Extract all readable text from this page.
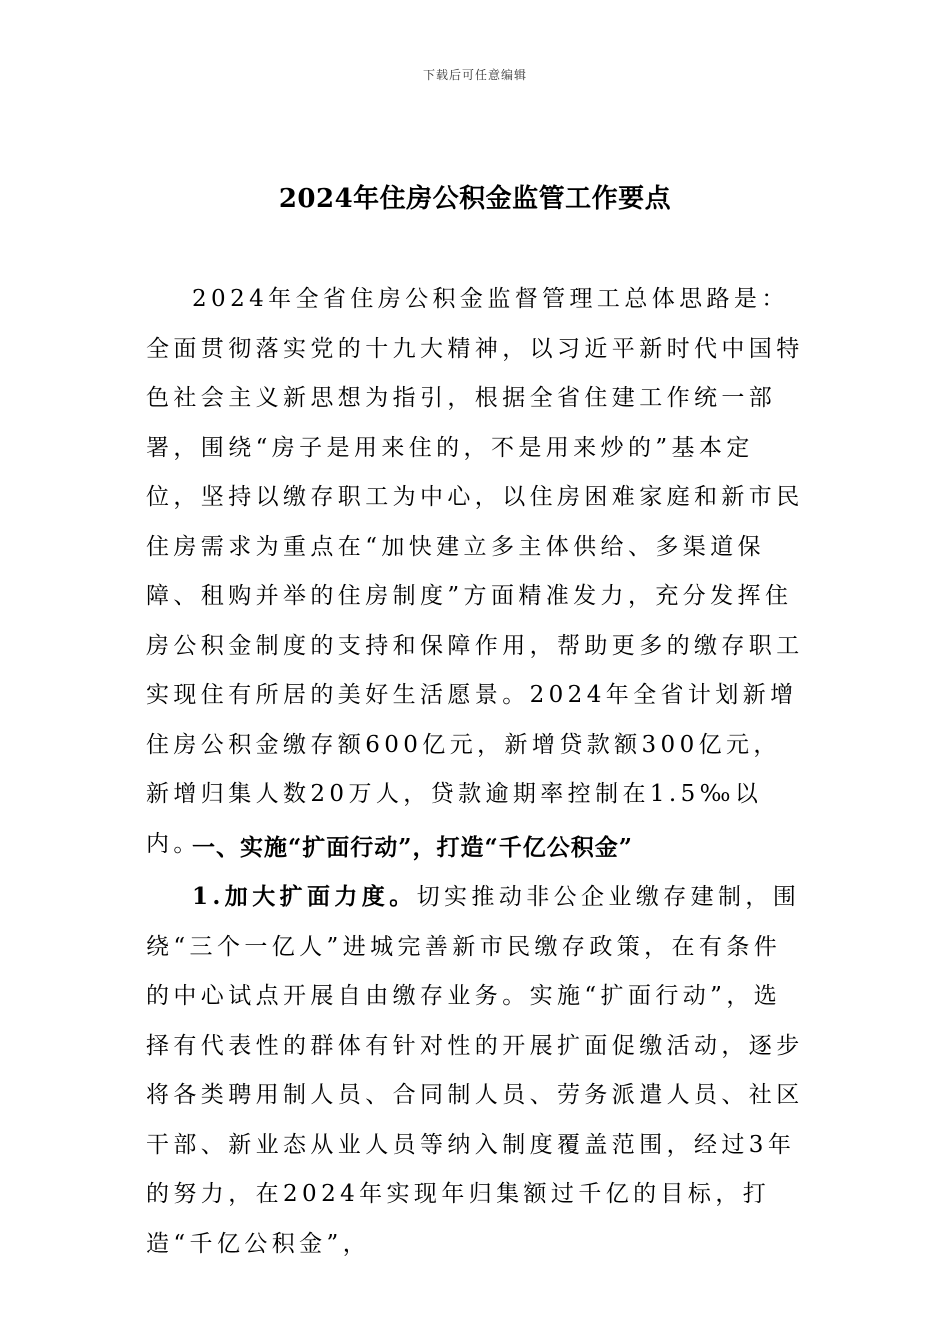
下载后可任意编辑
2024年住房公积金监管工作要点

2024年全省住房公积金监督管理工总体思路是：全面贯彻落实党的十九大精神，以习近平新时代中国特色社会主义新思想为指引，根据全省住建工作统一部署，围绕“房子是用来住的，不是用来炒的”基本定位，坚持以缴存职工为中心，以住房困难家庭和新市民住房需求为重点在“加快建立多主体供给、多渠道保障、租购并举的住房制度”方面精准发力，充分发挥住房公积金制度的支持和保障作用，帮助更多的缴存职工实现住有所居的美好生活愿景。2024年全省计划新增住房公积金缴存额600亿元，新增贷款额300亿元，新增归集人数20万人，贷款逾期率控制在1.5‰以内。

一、实施“扩面行动”，打造“千亿公积金”

1.加大扩面力度。切实推动非公企业缴存建制，围绕“三个一亿人”进城完善新市民缴存政策，在有条件的中心试点开展自由缴存业务。实施“扩面行动”，选择有代表性的群体有针对性的开展扩面促缴活动，逐步将各类聘用制人员、合同制人员、劳务派遣人员、社区干部、新业态从业人员等纳入制度覆盖范围，经过3年的努力，在2024年实现年归集额过千亿的目标，打造“千亿公积金”，
